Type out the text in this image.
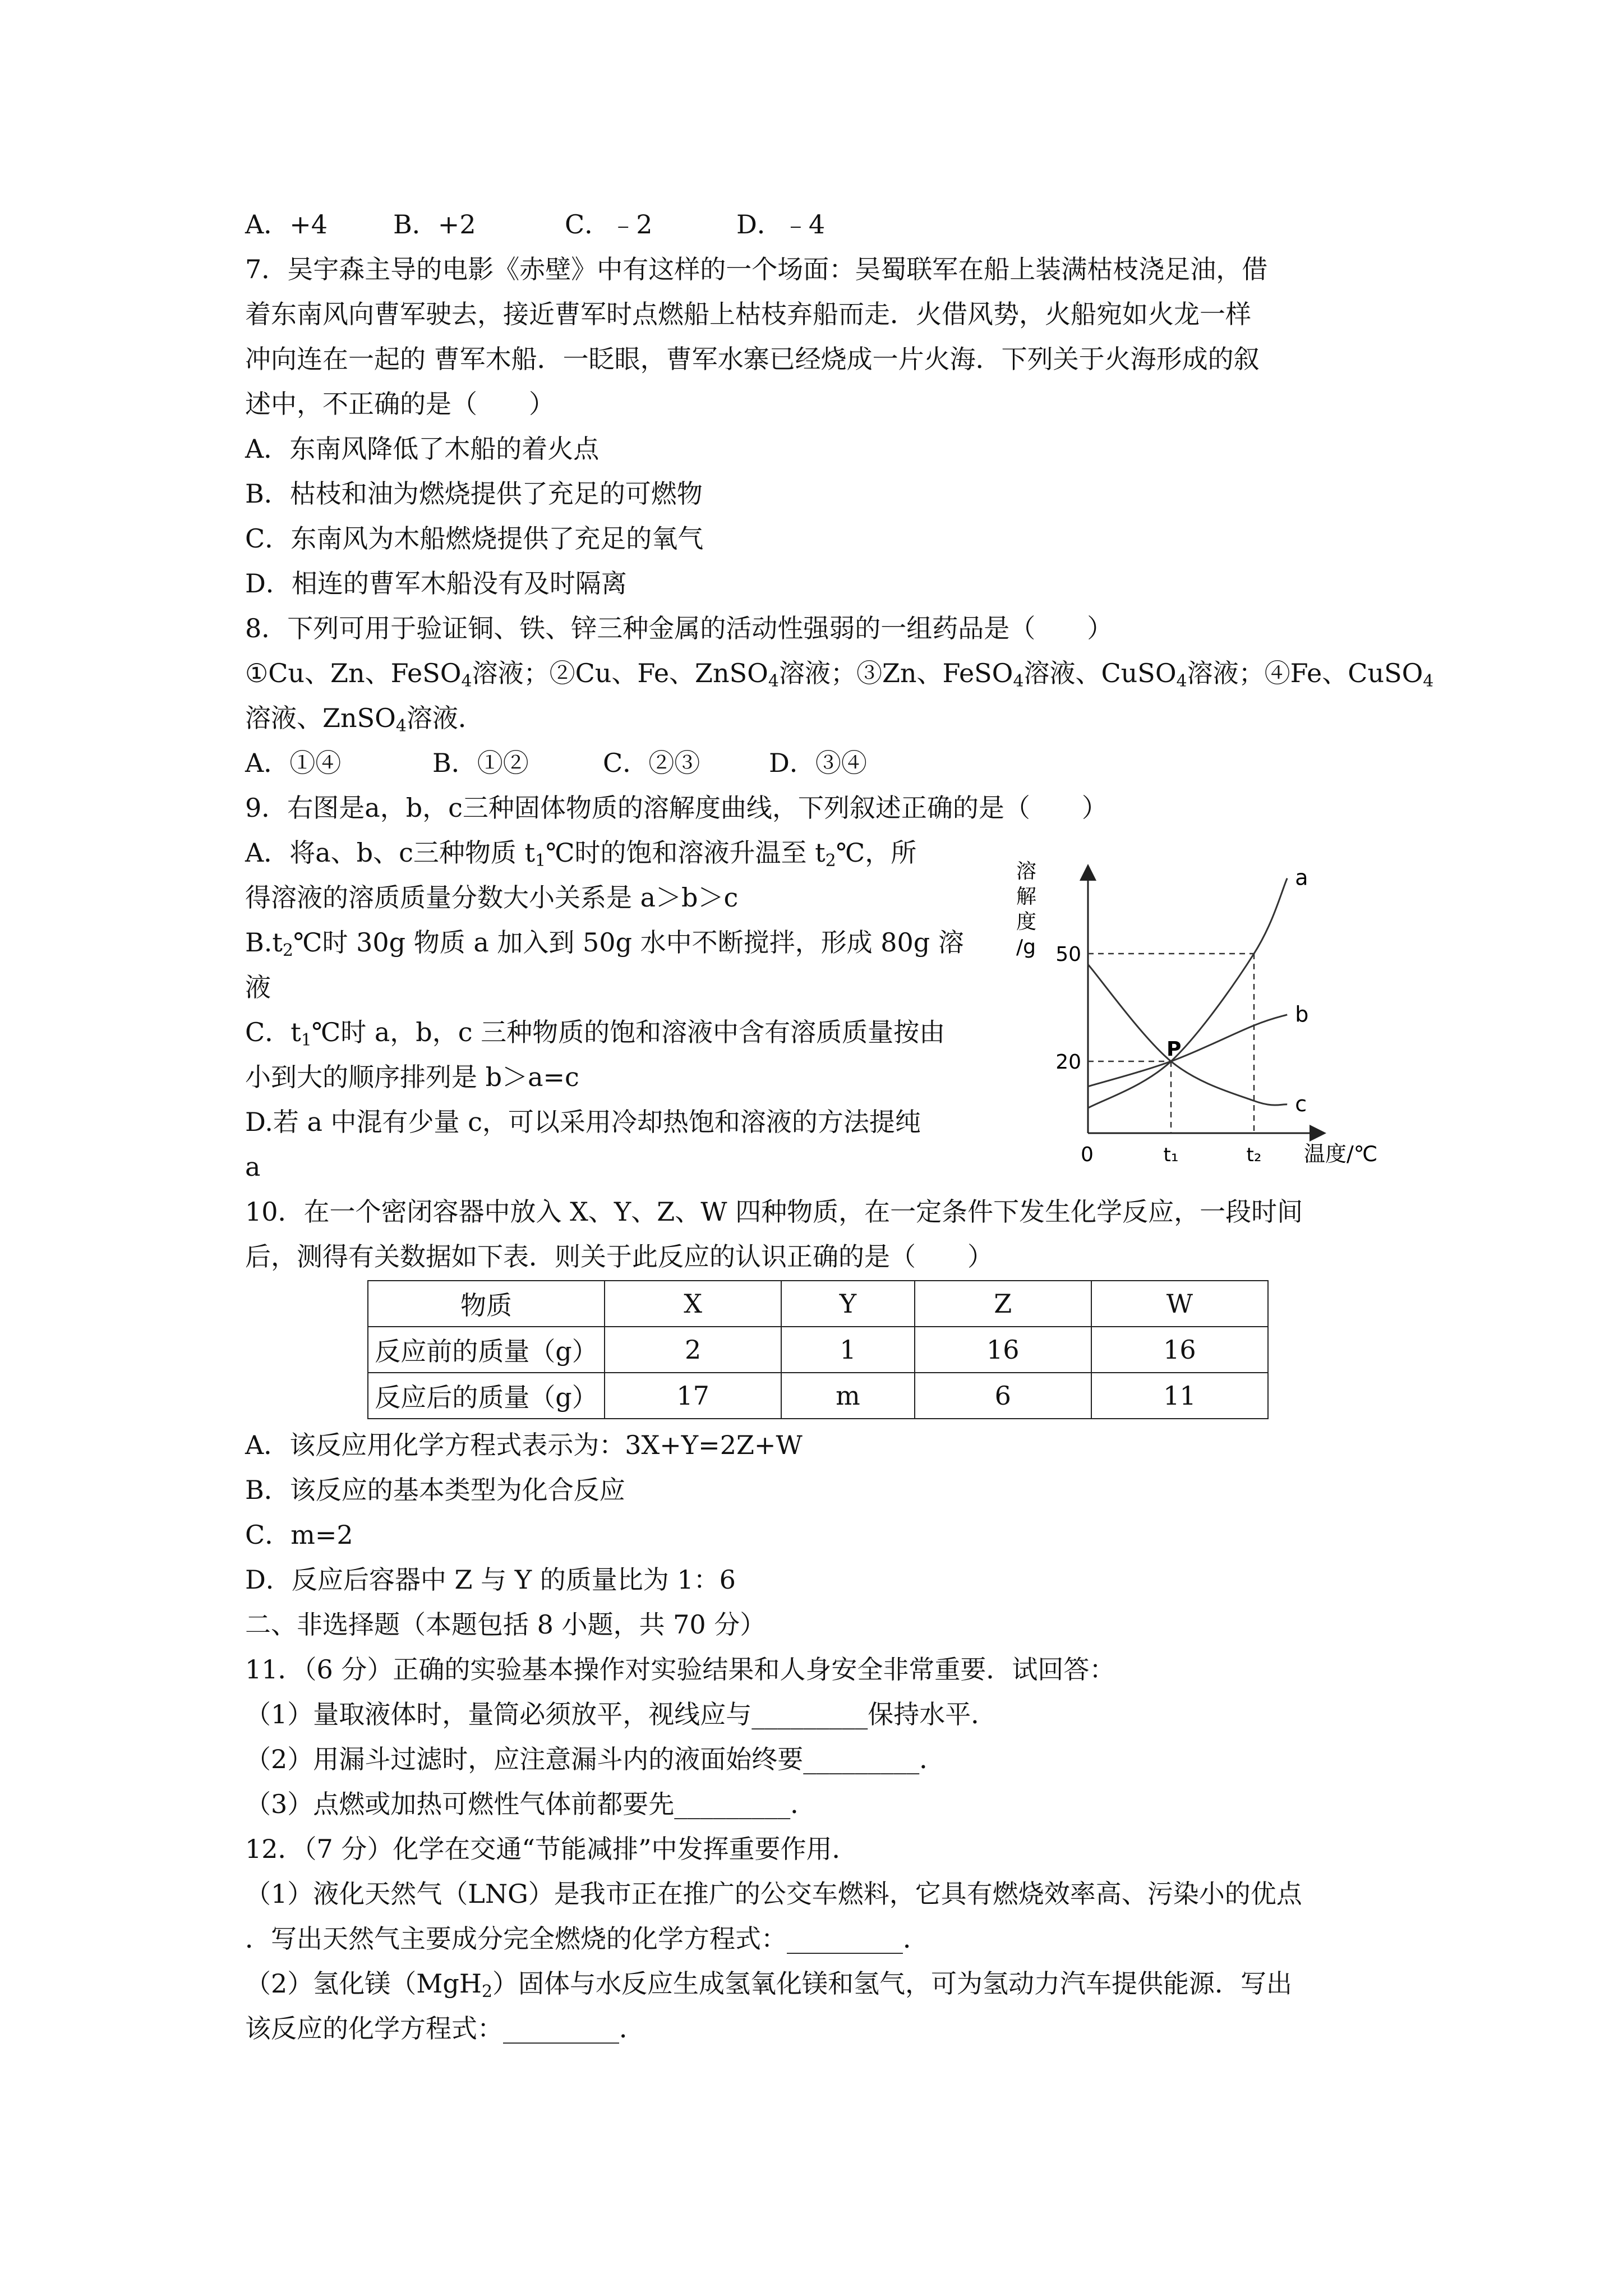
A．+4	B．+2	C．﹣2	D．﹣4
7．吴宇森主导的电影《赤壁》中有这样的一个场面：吴蜀联军在船上装满枯枝浇足油，借
着东南风向曹军驶去，接近曹军时点燃船上枯枝弃船而走．火借风势，火船宛如火龙一样
冲向连在一起的 曹军木船．一眨眼，曹军水寨已经烧成一片火海．下列关于火海形成的叙
述中，不正确的是（　　）
A．东南风降低了木船的着火点
B．枯枝和油为燃烧提供了充足的可燃物
C．东南风为木船燃烧提供了充足的氧气
D．相连的曹军木船没有及时隔离
8．下列可用于验证铜、铁、锌三种金属的活动性强弱的一组药品是（　　）
①Cu、Zn、FeSO$_4$溶液；②Cu、Fe、ZnSO$_4$溶液；③Zn、FeSO$_4$溶液、CuSO$_4$溶液；④Fe、CuSO$_4$
溶液、ZnSO$_4$溶液．
A．①④	B．①②	C．②③	D．③④
9．右图是a，b，c三种固体物质的溶解度曲线，下列叙述正确的是（　　）
A．将a、b、c三种物质 $t_1℃$时的饱和溶液升温至 $t_2℃$，所
得溶液的溶质质量分数大小关系是 a＞b＞c
$B.t_2℃$时 30g 物质 a 加入到 50g 水中不断搅拌，形成 80g 溶
液
C．$t_1℃$时 a，b，c 三种物质的饱和溶液中含有溶质质量按由
小到大的顺序排列是 b＞a=c
D.若 a 中混有少量 c，可以采用冷却热饱和溶液的方法提纯
a
a
b
c
20
50
t₁	t₂
P
溶
解
度
/g
温度/℃
0
10．在一个密闭容器中放入 X、Y、Z、W 四种物质，在一定条件下发生化学反应，一段时间
后，测得有关数据如下表．则关于此反应的认识正确的是（　　）
物质	X	Y	Z	W
反应前的质量（g）	2	1	16	16
反应后的质量（g）	17	m	6	11
A．该反应用化学方程式表示为：3X+Y=2Z+W
B．该反应的基本类型为化合反应
C．m=2
D．反应后容器中 Z 与 Y 的质量比为 1：6
二、非选择题（本题包括 8 小题，共 70 分）
11．（6 分）正确的实验基本操作对实验结果和人身安全非常重要．试回答：
（1）量取液体时，量筒必须放平，视线应与_________保持水平．
（2）用漏斗过滤时，应注意漏斗内的液面始终要_________．
（3）点燃或加热可燃性气体前都要先_________．
12．（7 分）化学在交通“节能减排”中发挥重要作用．
（1）液化天然气（LNG）是我市正在推广的公交车燃料，它具有燃烧效率高、污染小的优点
．写出天然气主要成分完全燃烧的化学方程式：_________．
（2）氢化镁（MgH$_2$）固体与水反应生成氢氧化镁和氢气，可为氢动力汽车提供能源．写出
该反应的化学方程式：_________．
